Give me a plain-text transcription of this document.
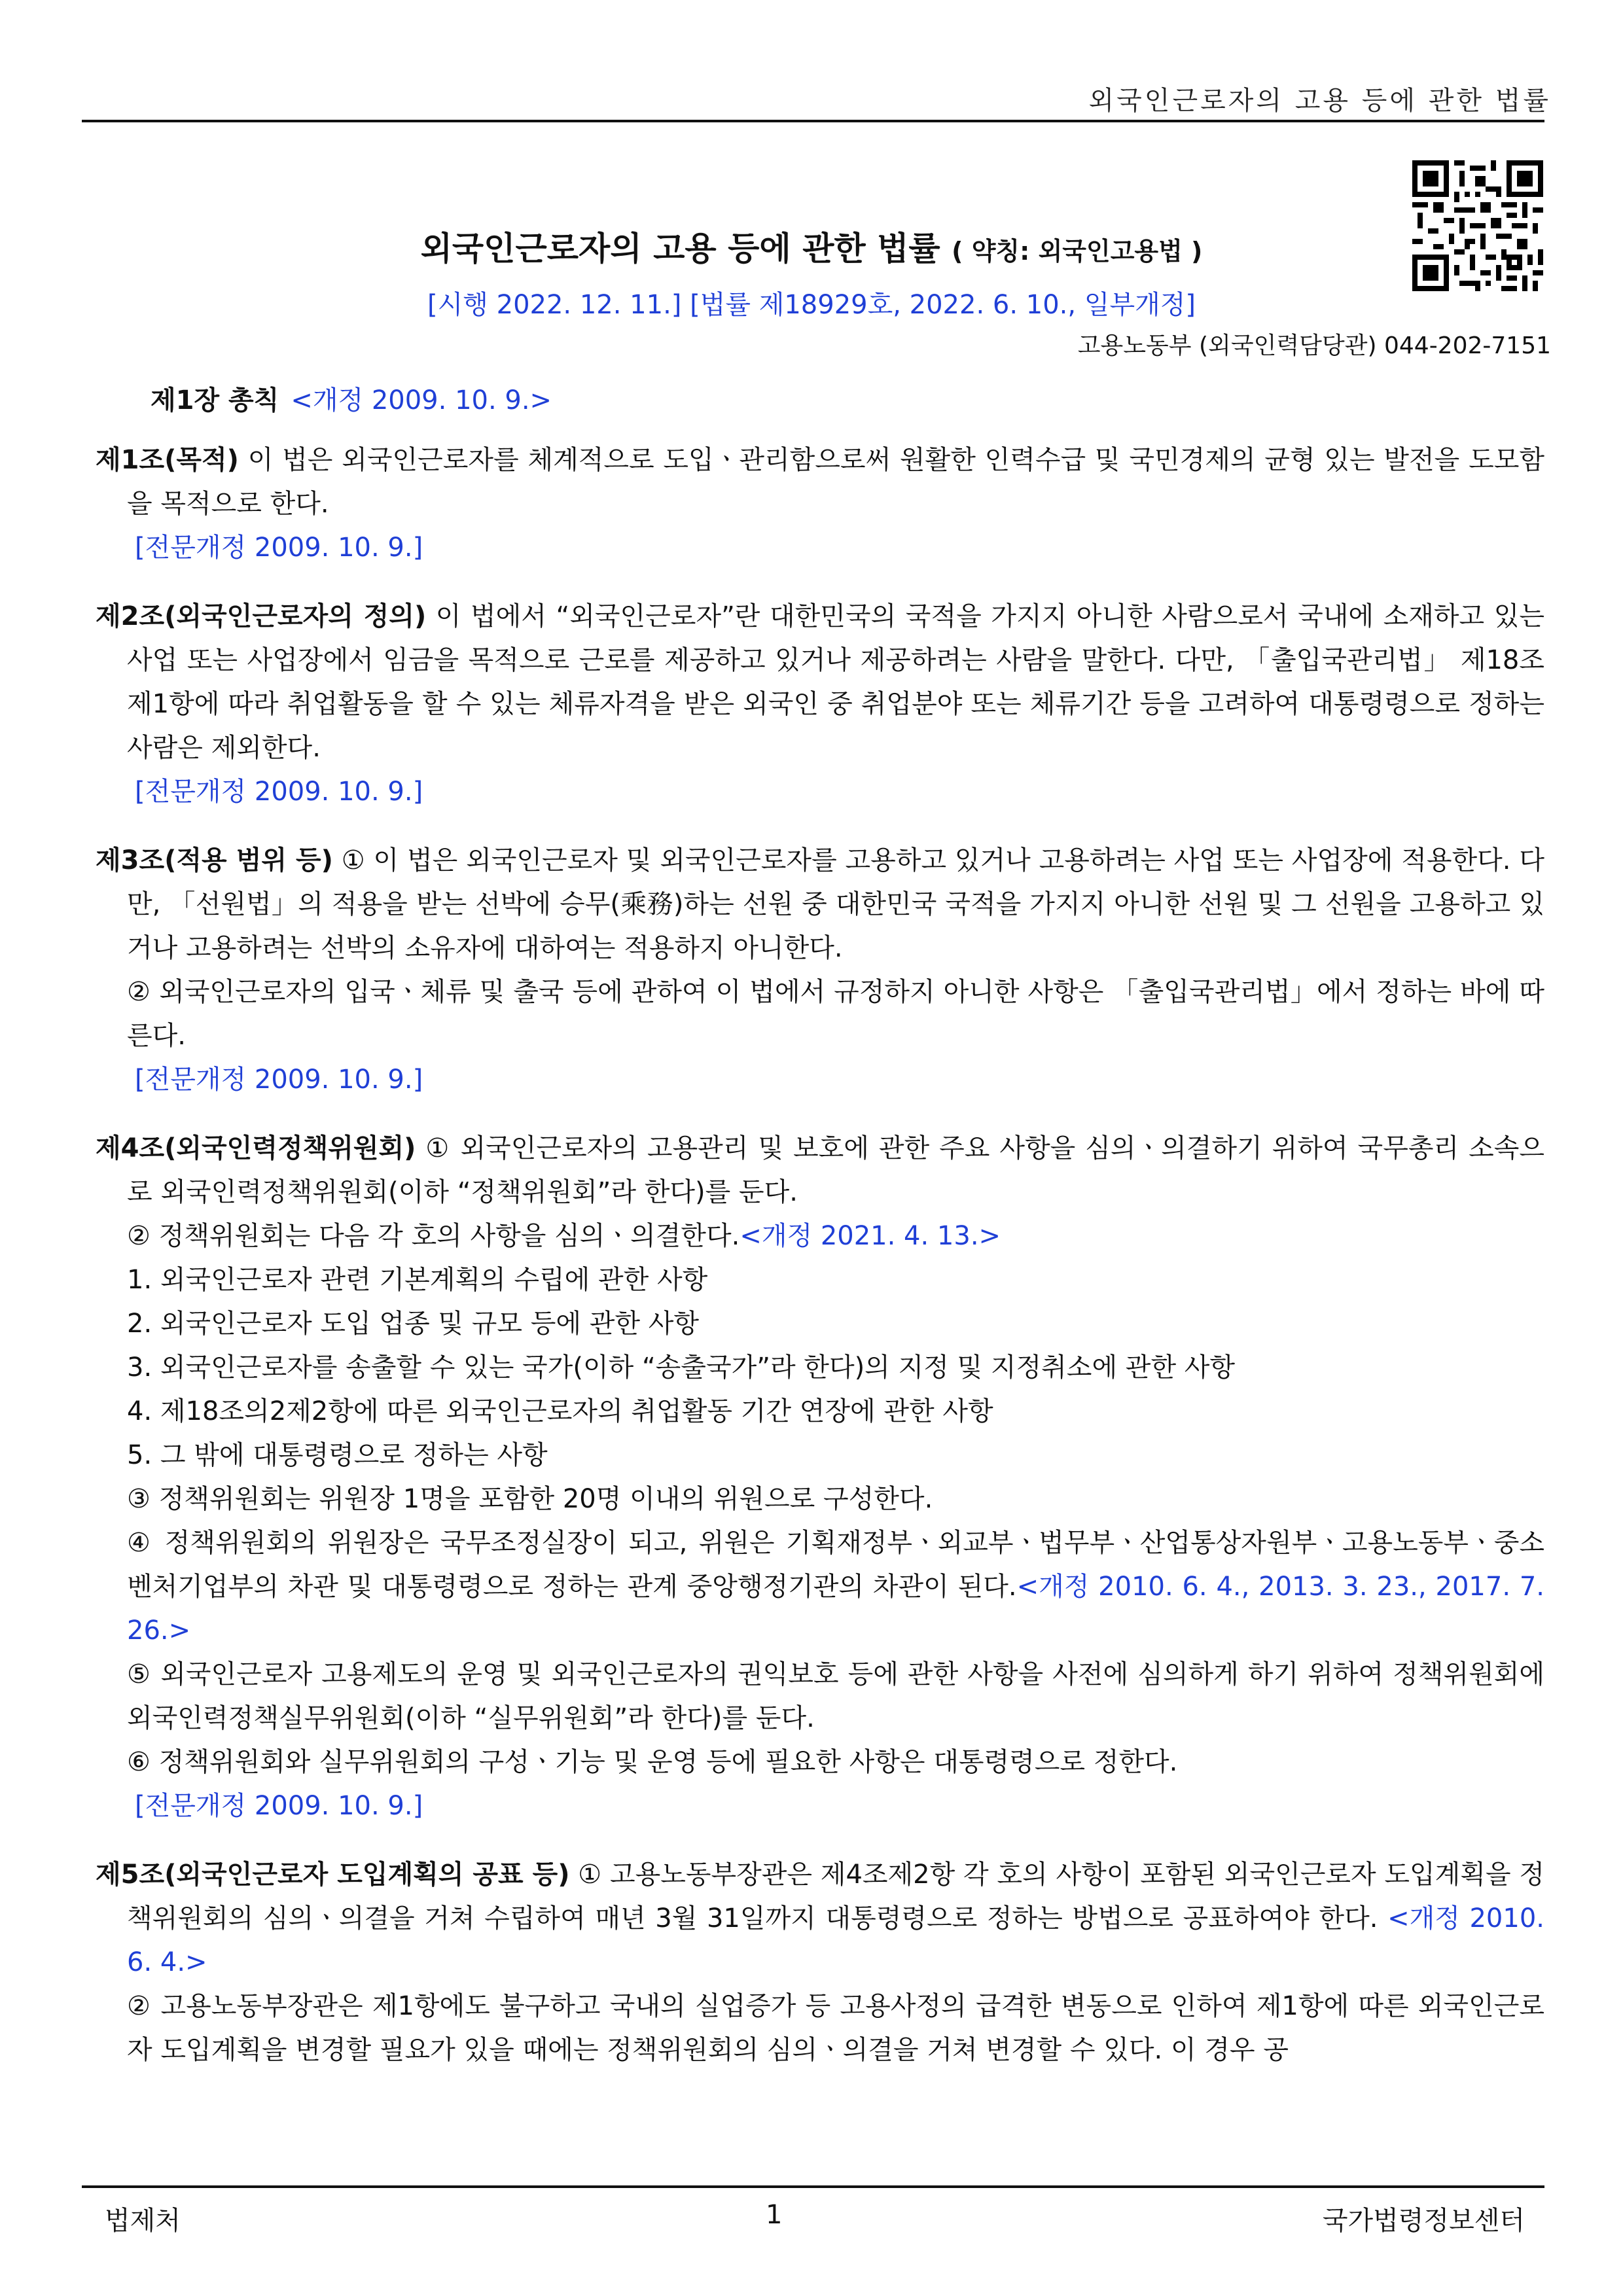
외국인근로자의 고용 등에 관한 법률
외국인근로자의 고용 등에 관한 법률 ( 약칭: 외국인고용법 )
[시행 2022. 12. 11.] [법률 제18929호, 2022. 6. 10., 일부개정]
고용노동부 (외국인력담당관) 044-202-7151
제1장 총칙 <개정 2009. 10. 9.>
제1조(목적) 이 법은 외국인근로자를 체계적으로 도입ㆍ관리함으로써 원활한 인력수급 및 국민경제의 균형 있는 발전을 도모함을 목적으로 한다.
[전문개정 2009. 10. 9.]
제2조(외국인근로자의 정의) 이 법에서 “외국인근로자”란 대한민국의 국적을 가지지 아니한 사람으로서 국내에 소재하고 있는 사업 또는 사업장에서 임금을 목적으로 근로를 제공하고 있거나 제공하려는 사람을 말한다. 다만, 「출입국관리법」 제18조제1항에 따라 취업활동을 할 수 있는 체류자격을 받은 외국인 중 취업분야 또는 체류기간 등을 고려하여 대통령령으로 정하는 사람은 제외한다.
[전문개정 2009. 10. 9.]
제3조(적용 범위 등) ① 이 법은 외국인근로자 및 외국인근로자를 고용하고 있거나 고용하려는 사업 또는 사업장에 적용한다. 다만, 「선원법」의 적용을 받는 선박에 승무(乘務)하는 선원 중 대한민국 국적을 가지지 아니한 선원 및 그 선원을 고용하고 있거나 고용하려는 선박의 소유자에 대하여는 적용하지 아니한다.
② 외국인근로자의 입국ㆍ체류 및 출국 등에 관하여 이 법에서 규정하지 아니한 사항은 「출입국관리법」에서 정하는 바에 따른다.
[전문개정 2009. 10. 9.]
제4조(외국인력정책위원회) ① 외국인근로자의 고용관리 및 보호에 관한 주요 사항을 심의ㆍ의결하기 위하여 국무총리 소속으로 외국인력정책위원회(이하 “정책위원회”라 한다)를 둔다.
② 정책위원회는 다음 각 호의 사항을 심의ㆍ의결한다.<개정 2021. 4. 13.>
1. 외국인근로자 관련 기본계획의 수립에 관한 사항
2. 외국인근로자 도입 업종 및 규모 등에 관한 사항
3. 외국인근로자를 송출할 수 있는 국가(이하 “송출국가”라 한다)의 지정 및 지정취소에 관한 사항
4. 제18조의2제2항에 따른 외국인근로자의 취업활동 기간 연장에 관한 사항
5. 그 밖에 대통령령으로 정하는 사항
③ 정책위원회는 위원장 1명을 포함한 20명 이내의 위원으로 구성한다.
④ 정책위원회의 위원장은 국무조정실장이 되고, 위원은 기획재정부ㆍ외교부ㆍ법무부ㆍ산업통상자원부ㆍ고용노동부ㆍ중소벤처기업부의 차관 및 대통령령으로 정하는 관계 중앙행정기관의 차관이 된다.<개정 2010. 6. 4., 2013. 3. 23., 2017. 7. 26.>
⑤ 외국인근로자 고용제도의 운영 및 외국인근로자의 권익보호 등에 관한 사항을 사전에 심의하게 하기 위하여 정책위원회에 외국인력정책실무위원회(이하 “실무위원회”라 한다)를 둔다.
⑥ 정책위원회와 실무위원회의 구성ㆍ기능 및 운영 등에 필요한 사항은 대통령령으로 정한다.
[전문개정 2009. 10. 9.]
제5조(외국인근로자 도입계획의 공표 등) ① 고용노동부장관은 제4조제2항 각 호의 사항이 포함된 외국인근로자 도입계획을 정책위원회의 심의ㆍ의결을 거쳐 수립하여 매년 3월 31일까지 대통령령으로 정하는 방법으로 공표하여야 한다. <개정 2010. 6. 4.>
② 고용노동부장관은 제1항에도 불구하고 국내의 실업증가 등 고용사정의 급격한 변동으로 인하여 제1항에 따른 외국인근로자 도입계획을 변경할 필요가 있을 때에는 정책위원회의 심의ㆍ의결을 거쳐 변경할 수 있다. 이 경우 공
법제처	1	국가법령정보센터
